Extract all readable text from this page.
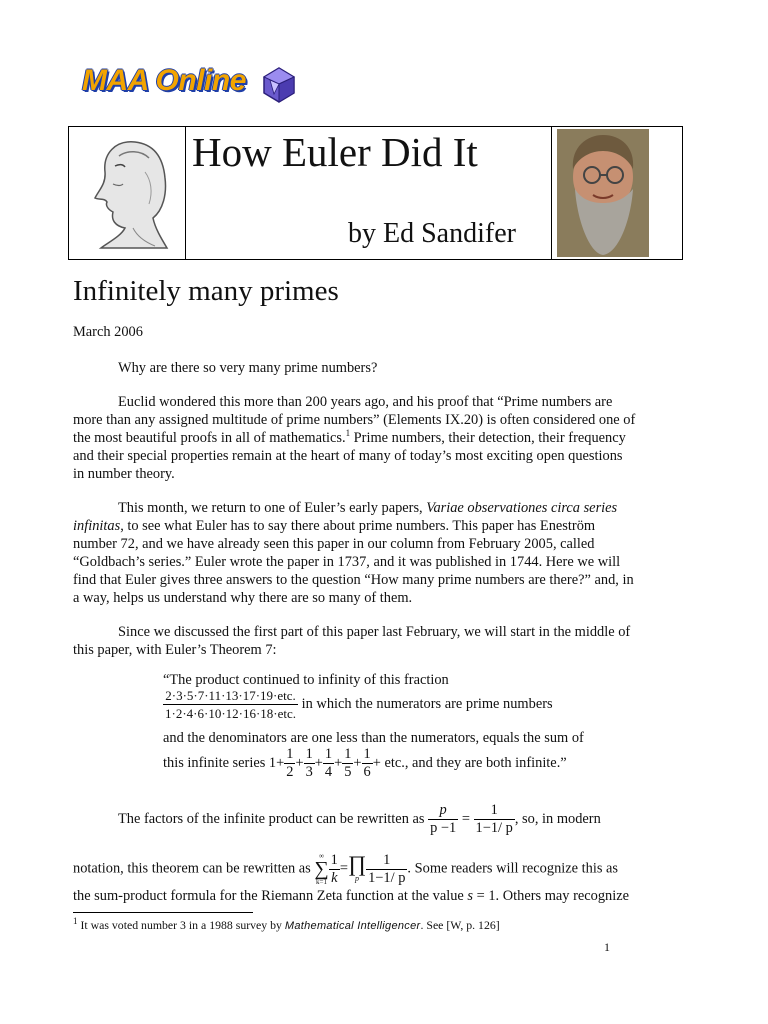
MAA Online
How Euler Did It
by Ed Sandifer
Infinitely many primes
March 2006
Why are there so very many prime numbers?
Euclid wondered this more than 200 years ago, and his proof that “Prime numbers are
more than any assigned multitude of prime numbers” (Elements IX.20) is often considered one of
the most beautiful proofs in all of mathematics.$^1$ Prime numbers, their detection, their frequency
and their special properties remain at the heart of many of today’s most exciting open questions
in number theory.
This month, we return to one of Euler’s early papers, Variae observationes circa series
infinitas, to see what Euler has to say there about prime numbers. This paper has Eneström
number 72, and we have already seen this paper in our column from February 2005, called
“Goldbach’s series.” Euler wrote the paper in 1737, and it was published in 1744. Here we will
find that Euler gives three answers to the question “How many prime numbers are there?” and, in
a way, helps us understand why there are so many of them.
Since we discussed the first part of this paper last February, we will start in the middle of
this paper, with Euler’s Theorem 7:
“The product continued to infinity of this fraction
$\frac{\text{2·3·5·7·11·13·17·19·etc.}}{\text{1·2·4·6·10·12·16·18·etc.}}$ in which the numerators are prime numbers
and the denominators are one less than the numerators, equals the sum of
this infinite series $1+ \frac{1}{2} + \frac{1}{3} + \frac{1}{4} + \frac{1}{5} + \frac{1}{6}$ + etc., and they are both infinite.”
The factors of the infinite product can be rewritten as $\frac{p}{p -1} = \frac{1}{1-1/ p}$ , so, in modern
notation, this theorem can be rewritten as
∞
∑
$k=1 \frac{1}{k}$ = ∏
p $\frac{1}{1-1/ p}$ . Some readers will recognize this as
the sum-product formula for the Riemann Zeta function at the value s = 1. Others may recognize
$^1$ It was voted number 3 in a 1988 survey by Mathematical Intelligencer. See [W, p. 126]
1
